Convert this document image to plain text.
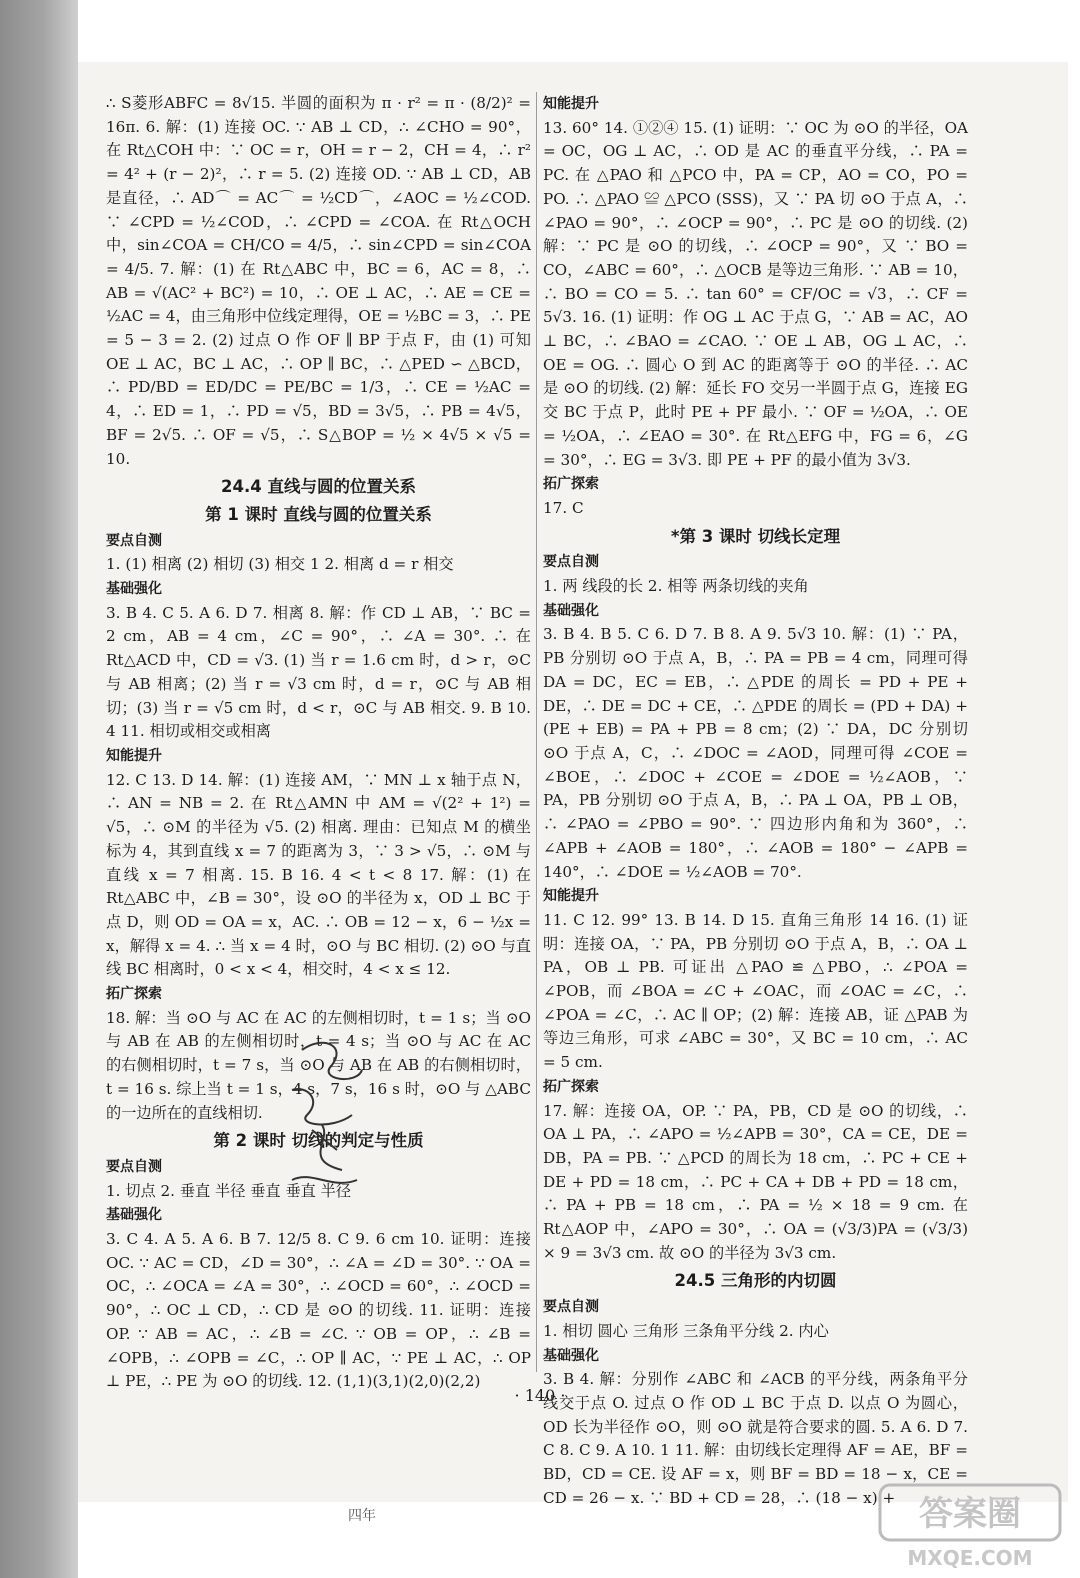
∴ S菱形ABFC = 8√15. 半圆的面积为 π · r² = π · (8/2)² = 16π. 6. 解：(1) 连接 OC. ∵ AB ⊥ CD，∴ ∠CHO = 90°，在 Rt△COH 中：∵ OC = r，OH = r − 2，CH = 4，∴ r² = 4² + (r − 2)²，∴ r = 5. (2) 连接 OD. ∵ AB ⊥ CD，AB 是直径，∴ AD⌒ = AC⌒ = ½CD⌒，∠AOC = ½∠COD. ∵ ∠CPD = ½∠COD，∴ ∠CPD = ∠COA. 在 Rt△OCH 中，sin∠COA = CH/CO = 4/5，∴ sin∠CPD = sin∠COA = 4/5. 7. 解：(1) 在 Rt△ABC 中，BC = 6，AC = 8，∴ AB = √(AC² + BC²) = 10，∴ OE ⊥ AC，∴ AE = CE = ½AC = 4，由三角形中位线定理得，OE = ½BC = 3，∴ PE = 5 − 3 = 2. (2) 过点 O 作 OF ∥ BP 于点 F，由 (1) 可知 OE ⊥ AC，BC ⊥ AC，∴ OP ∥ BC，∴ △PED ∽ △BCD，∴ PD/BD = ED/DC = PE/BC = 1/3，∴ CE = ½AC = 4，∴ ED = 1，∴ PD = √5，BD = 3√5，∴ PB = 4√5，BF = 2√5. ∴ OF = √5，∴ S△BOP = ½ × 4√5 × √5 = 10.

24.4 直线与圆的位置关系
第 1 课时 直线与圆的位置关系
要点自测

1. (1) 相离 (2) 相切 (3) 相交 1 2. 相离 d = r 相交

基础强化

3. B 4. C 5. A 6. D 7. 相离 8. 解：作 CD ⊥ AB，∵ BC = 2 cm，AB = 4 cm，∠C = 90°，∴ ∠A = 30°. ∴ 在 Rt△ACD 中，CD = √3. (1) 当 r = 1.6 cm 时，d > r，⊙C 与 AB 相离；(2) 当 r = √3 cm 时，d = r，⊙C 与 AB 相切；(3) 当 r = √5 cm 时，d < r，⊙C 与 AB 相交. 9. B 10. 4 11. 相切或相交或相离

知能提升

12. C 13. D 14. 解：(1) 连接 AM，∵ MN ⊥ x 轴于点 N，∴ AN = NB = 2. 在 Rt△AMN 中 AM = √(2² + 1²) = √5，∴ ⊙M 的半径为 √5. (2) 相离. 理由：已知点 M 的横坐标为 4，其到直线 x = 7 的距离为 3，∵ 3 > √5，∴ ⊙M 与直线 x = 7 相离. 15. B 16. 4 < t < 8 17. 解：(1) 在 Rt△ABC 中，∠B = 30°，设 ⊙O 的半径为 x，OD ⊥ BC 于点 D，则 OD = OA = x，AC. ∴ OB = 12 − x，6 − ½x = x，解得 x = 4. ∴ 当 x = 4 时，⊙O 与 BC 相切. (2) ⊙O 与直线 BC 相离时，0 < x < 4，相交时，4 < x ≤ 12.

拓广探索

18. 解：当 ⊙O 与 AC 在 AC 的左侧相切时，t = 1 s；当 ⊙O 与 AB 在 AB 的左侧相切时，t = 4 s；当 ⊙O 与 AC 在 AC 的右侧相切时，t = 7 s，当 ⊙O 与 AB 在 AB 的右侧相切时，t = 16 s. 综上当 t = 1 s，4 s，7 s，16 s 时，⊙O 与 △ABC 的一边所在的直线相切.

第 2 课时 切线的判定与性质
要点自测

1. 切点 2. 垂直 半径 垂直 垂直 半径

基础强化

3. C 4. A 5. A 6. B 7. 12/5 8. C 9. 6 cm 10. 证明：连接 OC. ∵ AC = CD，∠D = 30°，∴ ∠A = ∠D = 30°. ∵ OA = OC，∴ ∠OCA = ∠A = 30°，∴ ∠OCD = 60°，∴ ∠OCD = 90°，∴ OC ⊥ CD，∴ CD 是 ⊙O 的切线. 11. 证明：连接 OP. ∵ AB = AC，∴ ∠B = ∠C. ∵ OB = OP，∴ ∠B = ∠OPB，∴ ∠OPB = ∠C，∴ OP ∥ AC，∵ PE ⊥ AC，∴ OP ⊥ PE，∴ PE 为 ⊙O 的切线. 12. (1,1)(3,1)(2,0)(2,2)

知能提升

13. 60° 14. ①②④ 15. (1) 证明：∵ OC 为 ⊙O 的半径，OA = OC，OG ⊥ AC，∴ OD 是 AC 的垂直平分线，∴ PA = PC. 在 △PAO 和 △PCO 中，PA = CP，AO = CO，PO = PO. ∴ △PAO ≌ △PCO (SSS)，又 ∵ PA 切 ⊙O 于点 A，∴ ∠PAO = 90°，∴ ∠OCP = 90°，∴ PC 是 ⊙O 的切线. (2) 解：∵ PC 是 ⊙O 的切线，∴ ∠OCP = 90°，又 ∵ BO = CO，∠ABC = 60°，∴ △OCB 是等边三角形. ∵ AB = 10，∴ BO = CO = 5. ∴ tan 60° = CF/OC = √3，∴ CF = 5√3. 16. (1) 证明：作 OG ⊥ AC 于点 G，∵ AB = AC，AO ⊥ BC，∴ ∠BAO = ∠CAO. ∵ OE ⊥ AB，OG ⊥ AC，∴ OE = OG. ∴ 圆心 O 到 AC 的距离等于 ⊙O 的半径. ∴ AC 是 ⊙O 的切线. (2) 解：延长 FO 交另一半圆于点 G，连接 EG 交 BC 于点 P，此时 PE + PF 最小. ∵ OF = ½OA，∴ OE = ½OA，∴ ∠EAO = 30°. 在 Rt△EFG 中，FG = 6，∠G = 30°，∴ EG = 3√3. 即 PE + PF 的最小值为 3√3.

拓广探索

17. C

*第 3 课时 切线长定理
要点自测

1. 两 线段的长 2. 相等 两条切线的夹角

基础强化

3. B 4. B 5. C 6. D 7. B 8. A 9. 5√3 10. 解：(1) ∵ PA，PB 分别切 ⊙O 于点 A，B，∴ PA = PB = 4 cm，同理可得 DA = DC，EC = EB，∴ △PDE 的周长 = PD + PE + DE，∴ DE = DC + CE，∴ △PDE 的周长 = (PD + DA) + (PE + EB) = PA + PB = 8 cm；(2) ∵ DA，DC 分别切 ⊙O 于点 A，C，∴ ∠DOC = ∠AOD，同理可得 ∠COE = ∠BOE，∴ ∠DOC + ∠COE = ∠DOE = ½∠AOB，∵ PA，PB 分别切 ⊙O 于点 A，B，∴ PA ⊥ OA，PB ⊥ OB，∴ ∠PAO = ∠PBO = 90°. ∵ 四边形内角和为 360°，∴ ∠APB + ∠AOB = 180°，∴ ∠AOB = 180° − ∠APB = 140°，∴ ∠DOE = ½∠AOB = 70°.

知能提升

11. C 12. 99° 13. B 14. D 15. 直角三角形 14 16. (1) 证明：连接 OA，∵ PA，PB 分别切 ⊙O 于点 A，B，∴ OA ⊥ PA，OB ⊥ PB. 可证出 △PAO ≌ △PBO，∴ ∠POA = ∠POB，而 ∠BOA = ∠C + ∠OAC，而 ∠OAC = ∠C，∴ ∠POA = ∠C，∴ AC ∥ OP；(2) 解：连接 AB，证 △PAB 为等边三角形，可求 ∠ABC = 30°，又 BC = 10 cm，∴ AC = 5 cm.

拓广探索

17. 解：连接 OA，OP. ∵ PA，PB，CD 是 ⊙O 的切线，∴ OA ⊥ PA，∴ ∠APO = ½∠APB = 30°，CA = CE，DE = DB，PA = PB. ∵ △PCD 的周长为 18 cm，∴ PC + CE + DE + PD = 18 cm，∴ PC + CA + DB + PD = 18 cm，∴ PA + PB = 18 cm，∴ PA = ½ × 18 = 9 cm. 在 Rt△AOP 中，∠APO = 30°，∴ OA = (√3/3)PA = (√3/3) × 9 = 3√3 cm. 故 ⊙O 的半径为 3√3 cm.

24.5 三角形的内切圆
要点自测

1. 相切 圆心 三角形 三条角平分线 2. 内心

基础强化

3. B 4. 解：分别作 ∠ABC 和 ∠ACB 的平分线，两条角平分线交于点 O. 过点 O 作 OD ⊥ BC 于点 D. 以点 O 为圆心，OD 长为半径作 ⊙O，则 ⊙O 就是符合要求的圆. 5. A 6. D 7. C 8. C 9. A 10. 1 11. 解：由切线长定理得 AF = AE，BF = BD，CD = CE. 设 AF = x，则 BF = BD = 18 − x，CE = CD = 26 − x. ∵ BD + CD = 28，∴ (18 − x) +

· 140 ·
四年	答案圈
MXQE.COM
